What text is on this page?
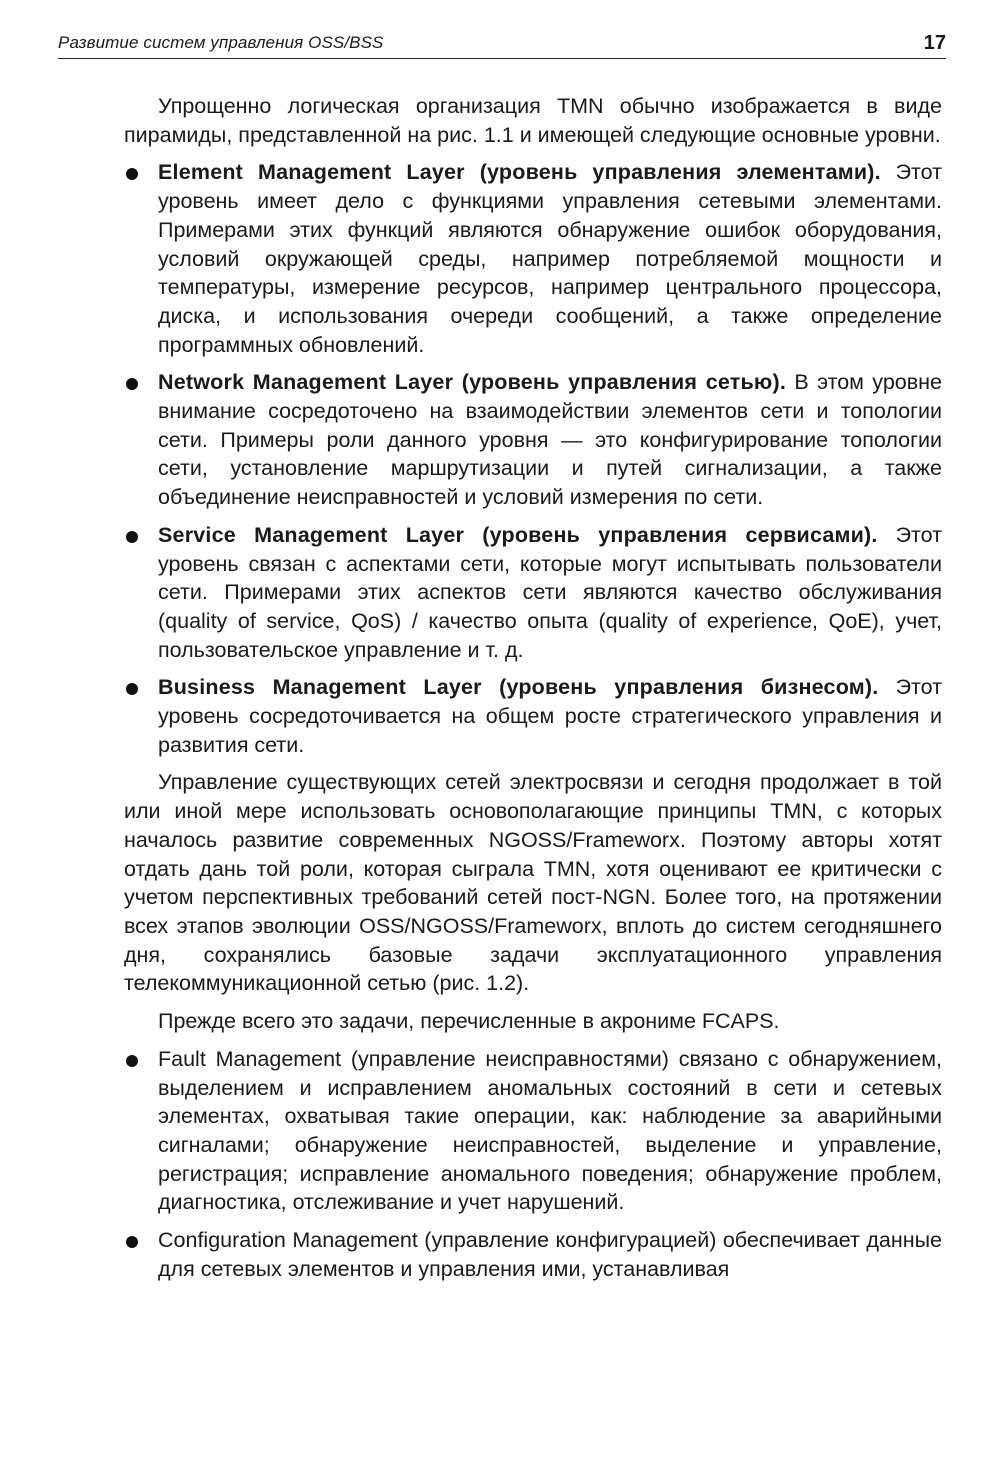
Развитие систем управления OSS/BSS	17

Упрощенно логическая организация TMN обычно изображается в виде пирамиды, представленной на рис. 1.1 и имеющей следующие основные уровни.

Element Management Layer (уровень управления элементами). Этот уровень имеет дело с функциями управления сетевыми элементами. Примерами этих функций являются обнаружение ошибок оборудования, условий окружающей среды, например потребляемой мощности и температуры, измерение ресурсов, например центрального процессора, диска, и использования очереди сообщений, а также определение программных обновлений.
Network Management Layer (уровень управления сетью). В этом уровне внимание сосредоточено на взаимодействии элементов сети и топологии сети. Примеры роли данного уровня — это конфигурирование топологии сети, установление маршрутизации и путей сигнализации, а также объединение неисправностей и условий измерения по сети.
Service Management Layer (уровень управления сервисами). Этот уровень связан с аспектами сети, которые могут испытывать пользователи сети. Примерами этих аспектов сети являются качество обслуживания (quality of service, QoS) / качество опыта (quality of experience, QoE), учет, пользовательское управление и т. д.
Business Management Layer (уровень управления бизнесом). Этот уровень сосредоточивается на общем росте стратегического управления и развития сети.

Управление существующих сетей электросвязи и сегодня продолжает в той или иной мере использовать основополагающие принципы TMN, с которых началось развитие современных NGOSS/Frameworx. Поэтому авторы хотят отдать дань той роли, которая сыграла TMN, хотя оценивают ее критически с учетом перспективных требований сетей пост-NGN. Более того, на протяжении всех этапов эволюции OSS/NGOSS/Frameworx, вплоть до систем сегодняшнего дня, сохранялись базовые задачи эксплуатационного управления телекоммуникационной сетью (рис. 1.2).

Прежде всего это задачи, перечисленные в акрониме FCAPS.

Fault Management (управление неисправностями) связано с обнаружением, выделением и исправлением аномальных состояний в сети и сетевых элементах, охватывая такие операции, как: наблюдение за аварийными сигналами; обнаружение неисправностей, выделение и управление, регистрация; исправление аномального поведения; обнаружение проблем, диагностика, отслеживание и учет нарушений.
Configuration Management (управление конфигурацией) обеспечивает данные для сетевых элементов и управления ими, устанавливая
